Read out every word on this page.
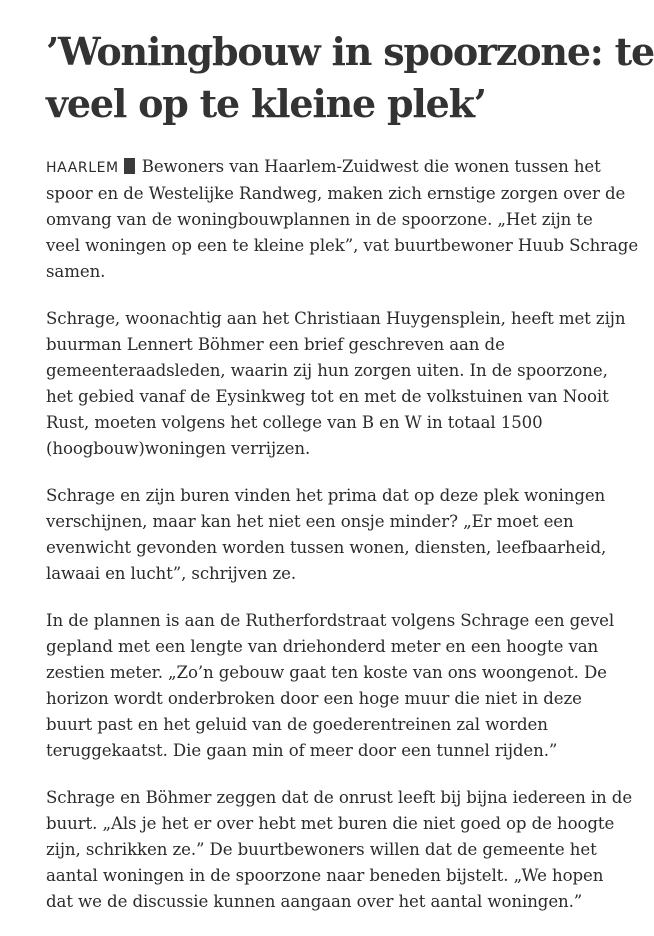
’Woningbouw in spoorzone: te
veel op te kleine plek’

HAARLEM Bewoners van Haarlem-Zuidwest die wonen tussen het
spoor en de Westelijke Randweg, maken zich ernstige zorgen over de
omvang van de woningbouwplannen in de spoorzone. „Het zijn te
veel woningen op een te kleine plek”, vat buurtbewoner Huub Schrage
samen.

Schrage, woonachtig aan het Christiaan Huygensplein, heeft met zijn
buurman Lennert Böhmer een brief geschreven aan de
gemeenteraadsleden, waarin zij hun zorgen uiten. In de spoorzone,
het gebied vanaf de Eysinkweg tot en met de volkstuinen van Nooit
Rust, moeten volgens het college van B en W in totaal 1500
(hoogbouw)woningen verrijzen.

Schrage en zijn buren vinden het prima dat op deze plek woningen
verschijnen, maar kan het niet een onsje minder? „Er moet een
evenwicht gevonden worden tussen wonen, diensten, leefbaarheid,
lawaai en lucht”, schrijven ze.

In de plannen is aan de Rutherfordstraat volgens Schrage een gevel
gepland met een lengte van driehonderd meter en een hoogte van
zestien meter. „Zo’n gebouw gaat ten koste van ons woongenot. De
horizon wordt onderbroken door een hoge muur die niet in deze
buurt past en het geluid van de goederentreinen zal worden
teruggekaatst. Die gaan min of meer door een tunnel rijden.”

Schrage en Böhmer zeggen dat de onrust leeft bij bijna iedereen in de
buurt. „Als je het er over hebt met buren die niet goed op de hoogte
zijn, schrikken ze.” De buurtbewoners willen dat de gemeente het
aantal woningen in de spoorzone naar beneden bijstelt. „We hopen
dat we de discussie kunnen aangaan over het aantal woningen.”
